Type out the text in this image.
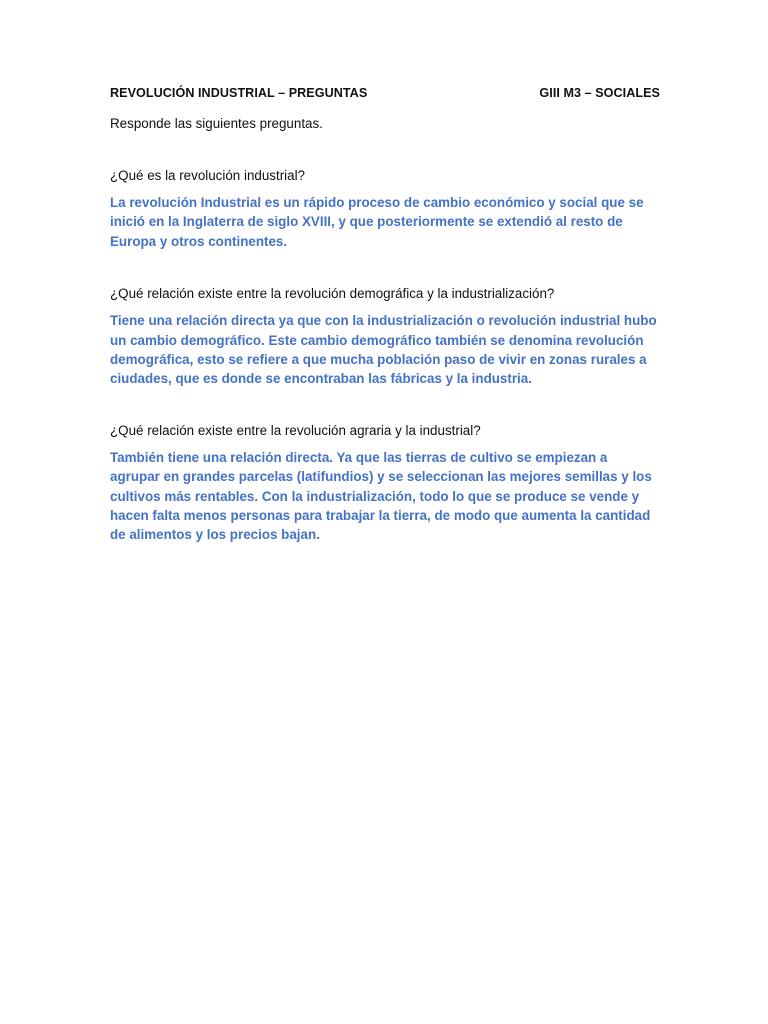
REVOLUCIÓN INDUSTRIAL – PREGUNTAS	GIII M3 – SOCIALES
Responde las siguientes preguntas.
¿Qué es la revolución industrial?
La revolución Industrial es un rápido proceso de cambio económico y social que se inició en la Inglaterra de siglo XVIII, y que posteriormente se extendió al resto de Europa y otros continentes.
¿Qué relación existe entre la revolución demográfica y la industrialización?
Tiene una relación directa ya que con la industrialización o revolución industrial hubo un cambio demográfico. Este cambio demográfico también se denomina revolución demográfica, esto se refiere a que mucha población paso de vivir en zonas rurales a ciudades, que es donde se encontraban las fábricas y la industria.
¿Qué relación existe entre la revolución agraria y la industrial?
También tiene una relación directa. Ya que las tierras de cultivo se empiezan a agrupar en grandes parcelas (latifundios) y se seleccionan las mejores semillas y los cultivos más rentables. Con la industrialización, todo lo que se produce se vende y hacen falta menos personas para trabajar la tierra, de modo que aumenta la cantidad de alimentos y los precios bajan.
